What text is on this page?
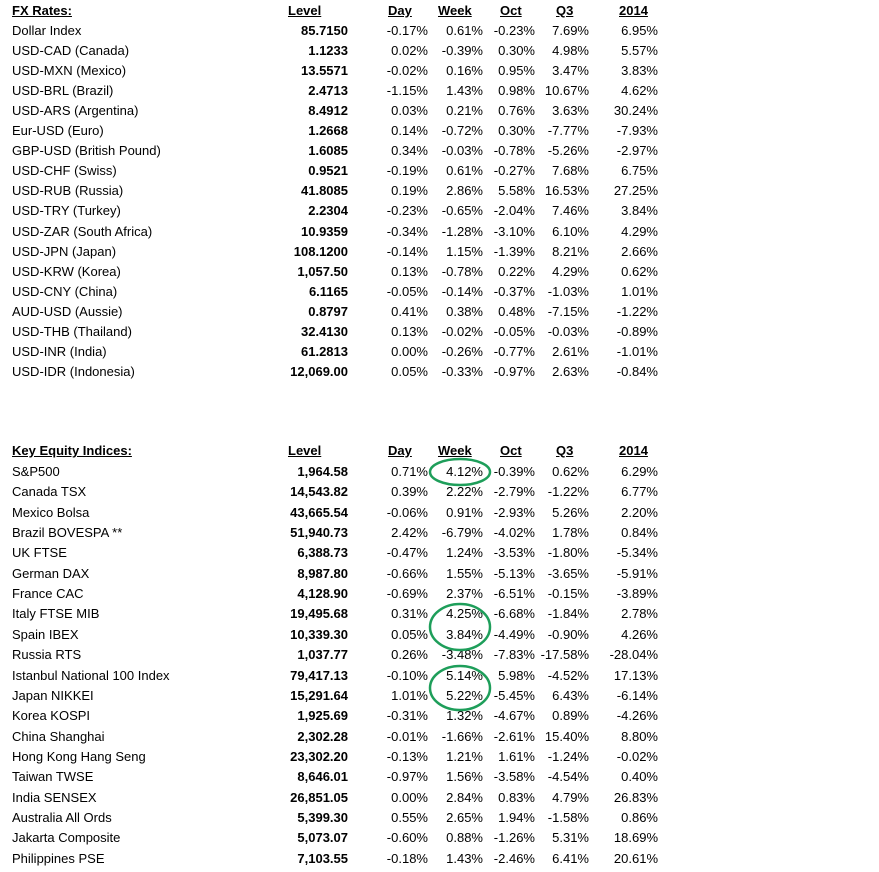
FX Rates:	Level	Day Week Oct	Q3	2014
Dollar Index	85.7150	-0.17%	0.61% -0.23%	7.69%	6.95%
USD-CAD (Canada)	1.1233	0.02%	-0.39%	0.30%	4.98%	5.57%
USD-MXN (Mexico)	13.5571	-0.02%	0.16%	0.95%	3.47%	3.83%
USD-BRL (Brazil)	2.4713	-1.15%	1.43%	0.98% 10.67%	4.62%
USD-ARS (Argentina)	8.4912	0.03%	0.21%	0.76%	3.63%	30.24%
Eur-USD (Euro)	1.2668	0.14%	-0.72%	0.30% -7.77%	-7.93%
GBP-USD (British Pound)	1.6085	0.34%	-0.03% -0.78% -5.26%	-2.97%
USD-CHF (Swiss)	0.9521	-0.19%	0.61% -0.27%	7.68%	6.75%
USD-RUB (Russia)	41.8085	0.19%	2.86%	5.58% 16.53%	27.25%
USD-TRY (Turkey)	2.2304	-0.23%	-0.65% -2.04%	7.46%	3.84%
USD-ZAR (South Africa)	10.9359	-0.34%	-1.28% -3.10%	6.10%	4.29%
USD-JPN (Japan)	108.1200	-0.14%	1.15% -1.39%	8.21%	2.66%
USD-KRW (Korea)	1,057.50	0.13%	-0.78%	0.22%	4.29%	0.62%
USD-CNY (China)	6.1165	-0.05%	-0.14% -0.37% -1.03%	1.01%
AUD-USD (Aussie)	0.8797	0.41%	0.38%	0.48% -7.15%	-1.22%
USD-THB (Thailand)	32.4130	0.13%	-0.02% -0.05% -0.03%	-0.89%
USD-INR (India)	61.2813	0.00%	-0.26% -0.77%	2.61%	-1.01%
USD-IDR (Indonesia)	12,069.00	0.05%	-0.33% -0.97%	2.63%	-0.84%
Key Equity Indices:	Level	Day Week Oct	Q3	2014
S&P500	1,964.58	0.71%	4.12% -0.39%	0.62%	6.29%
Canada TSX	14,543.82	0.39%	2.22% -2.79% -1.22%	6.77%
Mexico Bolsa	43,665.54	-0.06%	0.91% -2.93%	5.26%	2.20%
Brazil BOVESPA **	51,940.73	2.42%	-6.79% -4.02%	1.78%	0.84%
UK FTSE	6,388.73	-0.47%	1.24% -3.53% -1.80%	-5.34%
German DAX	8,987.80	-0.66%	1.55% -5.13% -3.65%	-5.91%
France CAC	4,128.90	-0.69%	2.37% -6.51% -0.15%	-3.89%
Italy FTSE MIB	19,495.68	0.31%	4.25% -6.68% -1.84%	2.78%
Spain IBEX	10,339.30	0.05%	3.84% -4.49% -0.90%	4.26%
Russia RTS	1,037.77	0.26%	-3.48% -7.83% -17.58%	-28.04%
Istanbul National 100 Index	79,417.13	-0.10%	5.14%	5.98% -4.52%	17.13%
Japan NIKKEI	15,291.64	1.01%	5.22% -5.45%	6.43%	-6.14%
Korea KOSPI	1,925.69	-0.31%	1.32% -4.67%	0.89%	-4.26%
China Shanghai	2,302.28	-0.01%	-1.66% -2.61% 15.40%	8.80%
Hong Kong Hang Seng	23,302.20	-0.13%	1.21%	1.61% -1.24%	-0.02%
Taiwan TWSE	8,646.01	-0.97%	1.56% -3.58% -4.54%	0.40%
India SENSEX	26,851.05	0.00%	2.84%	0.83%	4.79%	26.83%
Australia All Ords	5,399.30	0.55%	2.65%	1.94% -1.58%	0.86%
Jakarta Composite	5,073.07	-0.60%	0.88% -1.26%	5.31%	18.69%
Philippines PSE	7,103.55	-0.18%	1.43% -2.46%	6.41%	20.61%
